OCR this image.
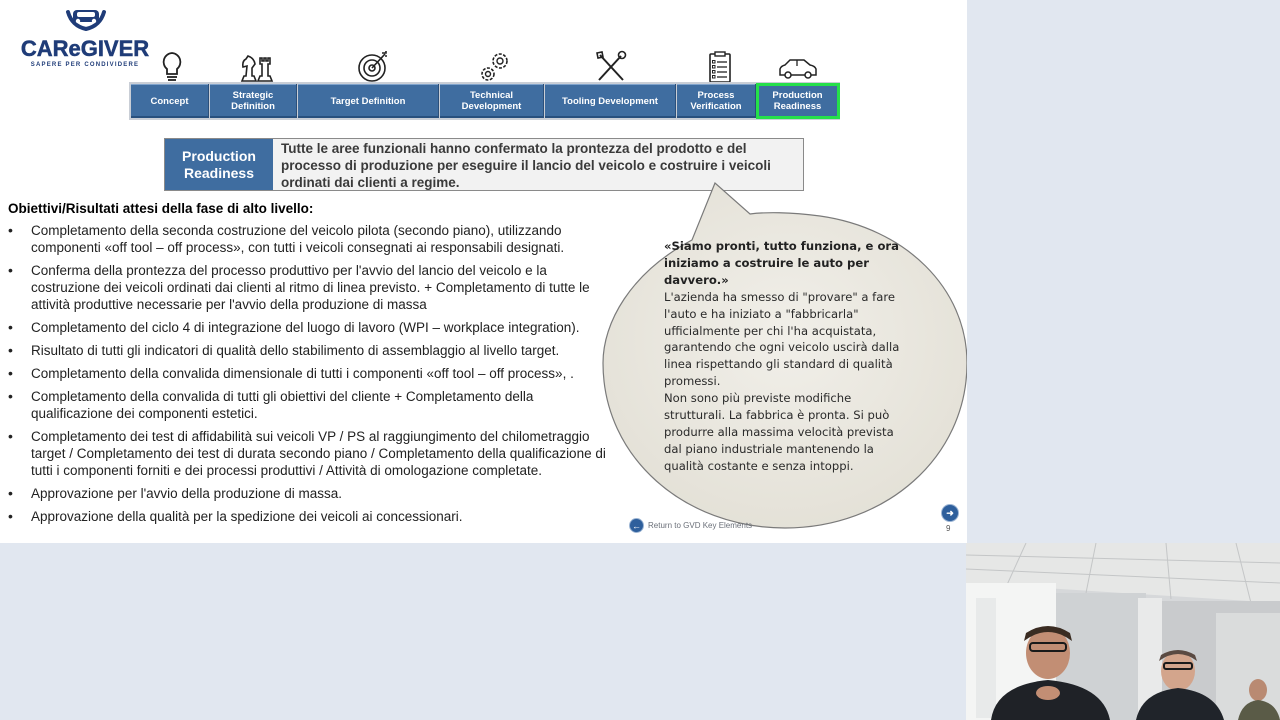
CAReGIVER
SAPERE PER CONDIVIDERE
Concept	Strategic Definition	Target Definition	Technical Development	Tooling Development	Process Verification
Production Readiness
Production Readiness
Tutte le aree funzionali hanno confermato la prontezza del prodotto e del processo di produzione per eseguire il lancio del veicolo e costruire i veicoli ordinati dai clienti a regime.
Obiettivi/Risultati attesi della fase di alto livello:
• Completamento della seconda costruzione del veicolo pilota (secondo piano), utilizzando componenti «off tool – off process», con tutti i veicoli consegnati ai responsabili designati.
• Conferma della prontezza del processo produttivo per l'avvio del lancio del veicolo e la costruzione dei veicoli ordinati dai clienti al ritmo di linea previsto. + Completamento di tutte le attività produttive necessarie per l'avvio della produzione di massa
• Completamento del ciclo 4 di integrazione del luogo di lavoro (WPI – workplace integration).
• Risultato di tutti gli indicatori di qualità dello stabilimento di assemblaggio al livello target.
• Completamento della convalida dimensionale di tutti i componenti «off tool – off process», .
• Completamento della convalida di tutti gli obiettivi del cliente + Completamento della qualificazione dei componenti estetici.
• Completamento dei test di affidabilità sui veicoli VP / PS al raggiungimento del chilometraggio target / Completamento dei test di durata secondo piano / Completamento della qualificazione di tutti i componenti forniti e dei processi produttivi / Attività di omologazione completate.
• Approvazione per l'avvio della produzione di massa.
• Approvazione della qualità per la spedizione dei veicoli ai concessionari.
«Siamo pronti, tutto funziona, e ora iniziamo a costruire le auto per davvero.»
L'azienda ha smesso di "provare" a fare l'auto e ha iniziato a "fabbricarla" ufficialmente per chi l'ha acquistata, garantendo che ogni veicolo uscirà dalla linea rispettando gli standard di qualità promessi.
Non sono più previste modifiche strutturali. La fabbrica è pronta. Si può produrre alla massima velocità prevista dal piano industriale mantenendo la qualità costante e senza intoppi.
← Return to GVD Key Elements
➜
9
